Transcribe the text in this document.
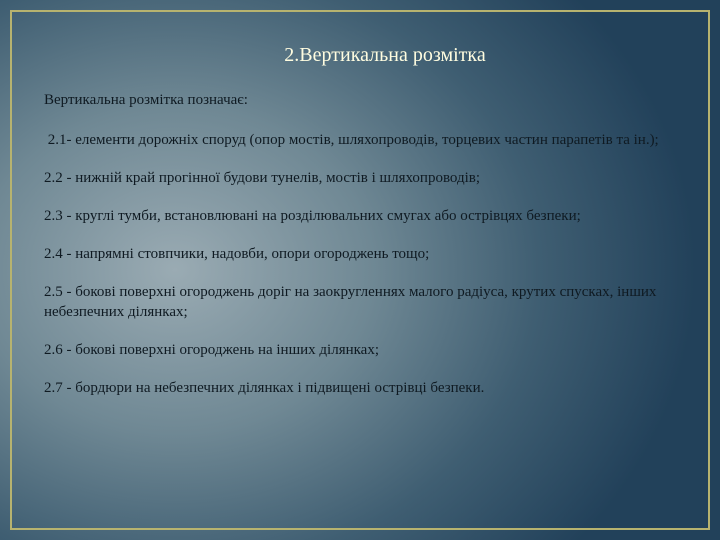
2.Вертикальна розмітка

Вертикальна розмітка позначає:

2.1- елементи дорожніх споруд (опор мостів, шляхопроводів, торцевих частин парапетів та ін.);

2.2 - нижній край прогінної будови тунелів, мостів і шляхопроводів;

2.3 - круглі тумби, встановлювані на розділювальних смугах або острівцях безпеки;

2.4 - напрямні стовпчики, надовби, опори огороджень тощо;

2.5 - бокові поверхні огороджень доріг на заокругленнях малого радіуса, крутих спусках, інших небезпечних ділянках;

2.6 - бокові поверхні огороджень на інших ділянках;

2.7 - бордюри на небезпечних ділянках і підвищені острівці безпеки.
